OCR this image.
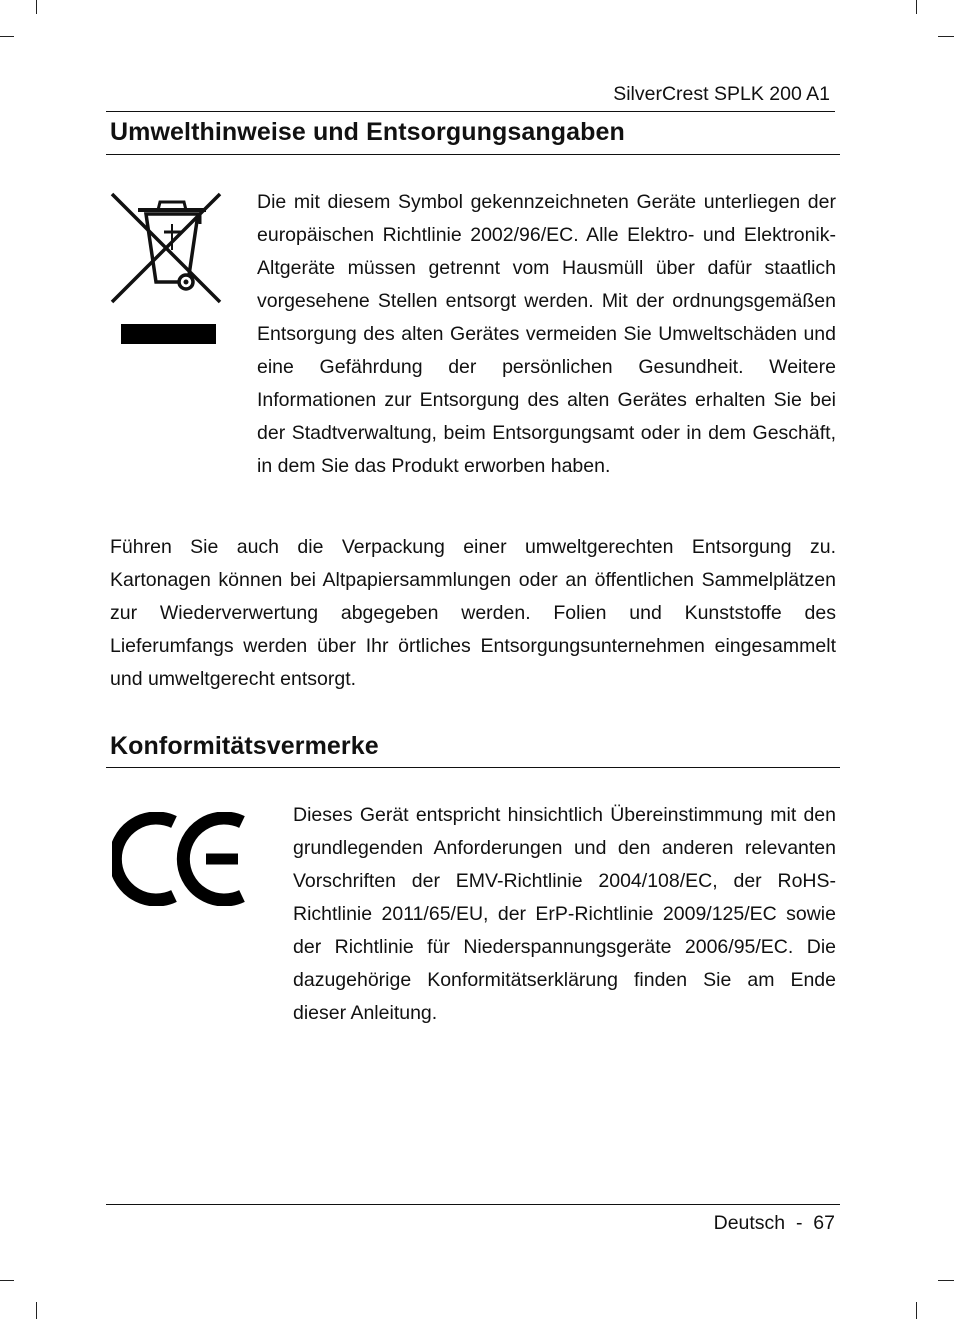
SilverCrest SPLK 200 A1
Umwelthinweise und Entsorgungsangaben

Die mit diesem Symbol gekennzeichneten Geräte unterliegen der europäischen Richtlinie 2002/96/EC. Alle Elektro- und Elektronik-Altgeräte müssen getrennt vom Hausmüll über dafür staatlich vorgesehene Stellen entsorgt werden. Mit der ordnungsgemäßen Entsorgung des alten Gerätes vermeiden Sie Umweltschäden und eine Gefährdung der persönlichen Gesundheit. Weitere Informationen zur Entsorgung des alten Gerätes erhalten Sie bei der Stadtverwaltung, beim Entsorgungsamt oder in dem Geschäft, in dem Sie das Produkt erworben haben.

Führen Sie auch die Verpackung einer umweltgerechten Entsorgung zu. Kartonagen können bei Altpapiersammlungen oder an öffentlichen Sammelplätzen zur Wiederverwertung abgegeben werden. Folien und Kunststoffe des Lieferumfangs werden über Ihr örtliches Entsorgungsunternehmen eingesammelt und umweltgerecht entsorgt.

Konformitätsvermerke

Dieses Gerät entspricht hinsichtlich Übereinstimmung mit den grundlegenden Anforderungen und den anderen relevanten Vorschriften der EMV-Richtlinie 2004/108/EC, der RoHS-Richtlinie 2011/65/EU, der ErP-Richtlinie 2009/125/EC sowie der Richtlinie für Niederspannungsgeräte 2006/95/EC. Die dazugehörige Konformitätserklärung finden Sie am Ende dieser Anleitung.

Deutsch  -  67
